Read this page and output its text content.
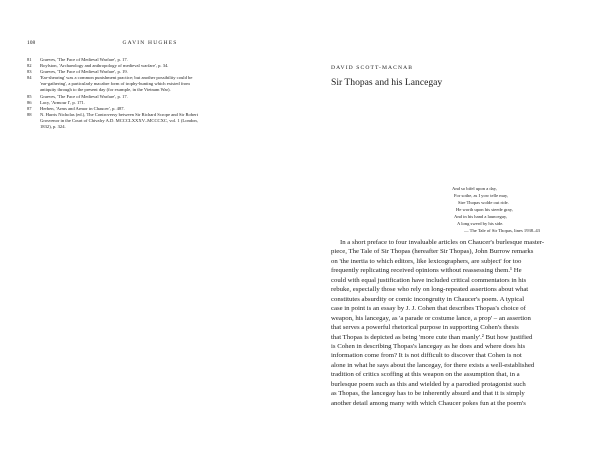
108	GAVIN HUGHES
81	Graeves, 'The Face of Medieval Warfare', p. 17.
82	Boylston, 'Archaeology and anthropology of medieval warfare', p. 34.
83	Graeves, 'The Face of Medieval Warfare', p. 19.
84	'Ear-shearing' was a common punishment practice; but another possibility could be
'ear-gathering', a particularly macabre form of trophy-hunting which existed from
antiquity through to the present day (for example, in the Vietnam War).
85	Graeves, 'The Face of Medieval Warfare', p. 17.
86	Lacy, 'Armour I', p. 171.
87	Herben, 'Arms and Armor in Chaucer', p. 487.
88	N. Harris Nicholas (ed.), The Controversy between Sir Richard Scrope and Sir Robert
Grosvenor in the Court of Chivalry A.D. MCCCLXXXV–MCCCXC, vol. 1 (London,
1832), p. 324.
DAVID SCOTT-MACNAB
Sir Thopas and his Lancegay
And so bifel upon a day,
For sothe, as I yow telle may,
Sire Thopas wolde out ride.
He worth upon his steede gray,
And in his hand a launcegay,
A long swerd by his side.
— The Tale of Sir Thopas, lines 1938–43
In a short preface to four invaluable articles on Chaucer's burlesque master-
piece, The Tale of Sir Thopas (hereafter Sir Thopas), John Burrow remarks
on 'the inertia to which editors, like lexicographers, are subject' for too
frequently replicating received opinions without reassessing them.¹ He
could with equal justification have included critical commentators in his
rebuke, especially those who rely on long-repeated assertions about what
constitutes absurdity or comic incongruity in Chaucer's poem. A typical
case in point is an essay by J. J. Cohen that describes Thopas's choice of
weapon, his lancegay, as 'a parade or costume lance, a prop' – an assertion
that serves a powerful rhetorical purpose in supporting Cohen's thesis
that Thopas is depicted as being 'more cute than manly'.² But how justified
is Cohen in describing Thopas's lancegay as he does and where does his
information come from? It is not difficult to discover that Cohen is not
alone in what he says about the lancegay, for there exists a well-established
tradition of critics scoffing at this weapon on the assumption that, in a
burlesque poem such as this and wielded by a parodied protagonist such
as Thopas, the lancegay has to be inherently absurd and that it is simply
another detail among many with which Chaucer pokes fun at the poem's
